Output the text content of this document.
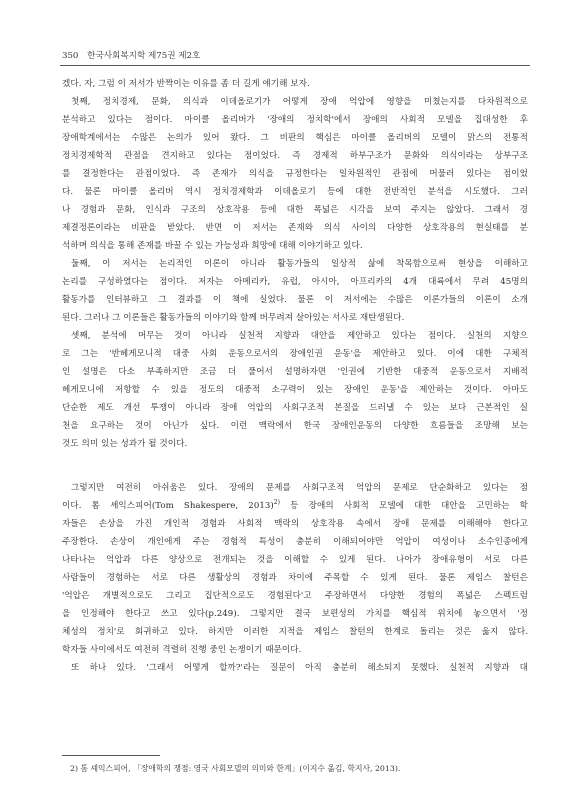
350 한국사회복지학 제75권 제2호
겠다. 자, 그럼 이 저서가 반짝이는 이유를 좀 더 길게 얘기해 보자.
첫째, 정치경제, 문화, 의식과 이데올로기가 어떻게 장애 억압에 영향을 미쳤는지를 다차원적으로
분석하고 있다는 점이다. 마이클 올리버가 '장애의 정치학'에서 장애의 사회적 모델을 집대성한 후
장애학계에서는 수많은 논의가 있어 왔다. 그 비판의 핵심은 마이클 올리버의 모델이 맑스의 전통적
정치경제학적 관점을 견지하고 있다는 점이었다. 즉 경제적 하부구조가 문화와 의식이라는 상부구조
를 결정한다는 관점이었다. 즉 존재가 의식을 규정한다는 일차원적인 관점에 머물러 있다는 점이었
다. 물론 마이클 올리버 역시 정치경제학과 이데올로기 등에 대한 전반적인 분석을 시도했다. 그러
나 경험과 문화, 인식과 구조의 상호작용 등에 대한 폭넓은 시각을 보여 주지는 않았다. 그래서 경
제결정론이라는 비판을 받았다. 반면 이 저서는 존재와 의식 사이의 다양한 상호작용의 현실태를 분
석하며 의식을 통해 존재를 바꿀 수 있는 가능성과 희망에 대해 이야기하고 있다.
둘째, 이 저서는 논리적인 이론이 아니라 활동가들의 일상적 삶에 착목함으로써 현상을 이해하고
논리를 구성하였다는 점이다. 저자는 아메리카, 유럽, 아시아, 아프리카의 4개 대륙에서 무려 45명의
활동가를 인터뷰하고 그 결과를 이 책에 실었다. 물론 이 저서에는 수많은 이론가들의 이론이 소개
된다. 그러나 그 이론들은 활동가들의 이야기와 함께 버무려져 살아있는 서사로 재탄생된다.
셋째, 분석에 머무는 것이 아니라 실천적 지향과 대안을 제안하고 있다는 점이다. 실천의 지향으
로 그는 '반헤게모니적 대중 사회 운동으로서의 장애인권 운동'을 제안하고 있다. 이에 대한 구체적
인 설명은 다소 부족하지만 조금 더 풀어서 설명하자면 '인권에 기반한 대중적 운동으로서 지배적
헤게모니에 저항할 수 있을 정도의 대중적 소구력이 있는 장애인 운동'을 제안하는 것이다. 아마도
단순한 제도 개선 투쟁이 아니라 장애 억압의 사회구조적 본질을 드러낼 수 있는 보다 근본적인 실
천을 요구하는 것이 아닌가 싶다. 이런 맥락에서 한국 장애인운동의 다양한 흐름들을 조망해 보는
것도 의미 있는 성과가 될 것이다.
그렇지만 여전히 아쉬움은 있다. 장애의 문제를 사회구조적 억압의 문제로 단순화하고 있다는 점
이다. 톰 셰익스피어(Tom Shakespere, 2013)$^{2)}$ 등 장애의 사회적 모델에 대한 대안을 고민하는 학
자들은 손상을 가진 개인적 경험과 사회적 맥락의 상호작용 속에서 장애 문제를 이해해야 한다고
주장한다. 손상이 개인에게 주는 경험적 특성이 충분히 이해되어야만 억압이 여성이나 소수인종에게
나타나는 억압과 다른 양상으로 전개되는 것을 이해할 수 있게 된다. 나아가 장애유형이 서로 다른
사람들이 경험하는 서로 다른 생활상의 경험과 차이에 주목할 수 있게 된다. 물론 제임스 찰턴은
'억압은 개별적으로도 그리고 집단적으로도 경험된다'고 주장하면서 다양한 경험의 폭넓은 스펙트럼
을 인정해야 한다고 쓰고 있다(p.249). 그렇지만 결국 보편성의 가치를 핵심적 위치에 놓으면서 '정
체성의 정치'로 회귀하고 있다. 하지만 이러한 지적을 제임스 찰턴의 한계로 돌리는 것은 옳지 않다.
학자들 사이에서도 여전히 격렬히 진행 중인 논쟁이기 때문이다.
또 하나 있다. '그래서 어떻게 할까?'라는 질문이 아직 충분히 해소되지 못했다. 실천적 지향과 대
2) 톰 셰익스피어, 「장애학의 쟁점: 영국 사회모델의 의미와 한계」(이지수 옮김, 학지사, 2013).
